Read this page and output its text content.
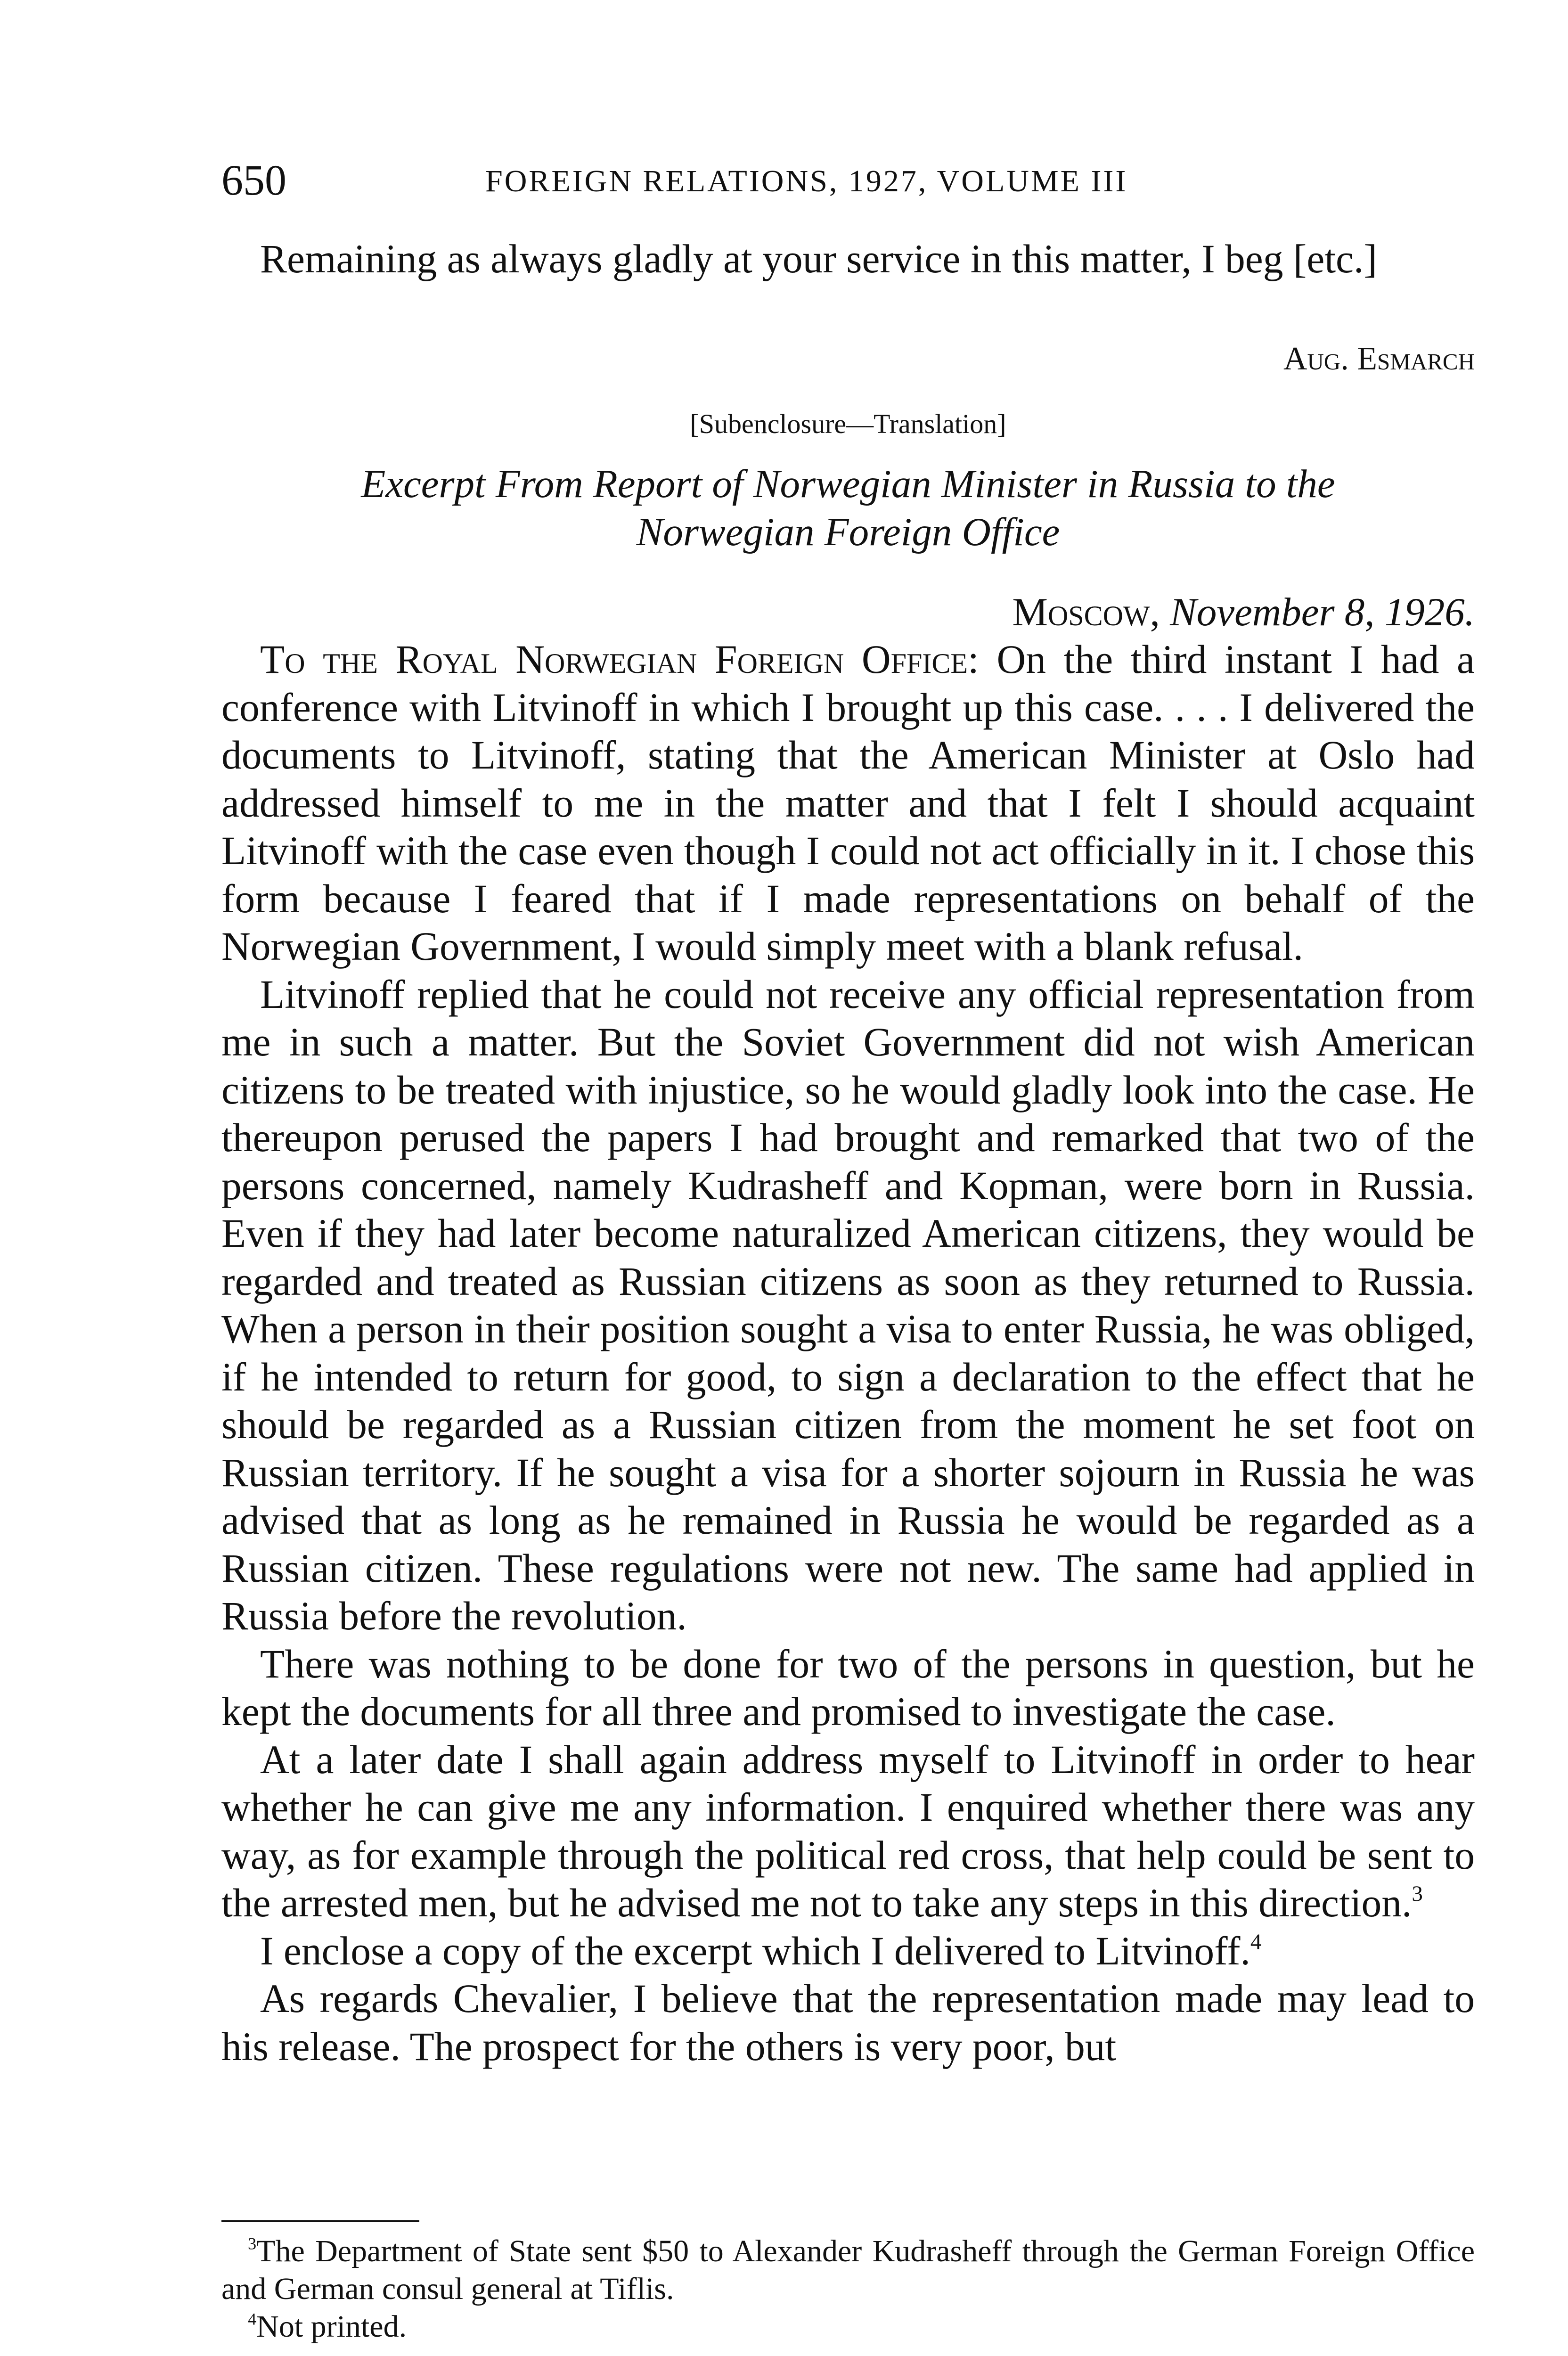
650	FOREIGN RELATIONS, 1927, VOLUME III

Remaining as always gladly at your service in this matter, I beg [etc.]

Aug. Esmarch
[Subenclosure—Translation]
Excerpt From Report of Norwegian Minister in Russia to the
Norwegian Foreign Office
Moscow, November 8, 1926.

To the Royal Norwegian Foreign Office: On the third instant I had a conference with Litvinoff in which I brought up this case. . . . I delivered the documents to Litvinoff, stating that the American Minister at Oslo had addressed himself to me in the matter and that I felt I should acquaint Litvinoff with the case even though I could not act officially in it. I chose this form because I feared that if I made representations on behalf of the Norwegian Government, I would simply meet with a blank refusal.

Litvinoff replied that he could not receive any official representation from me in such a matter. But the Soviet Government did not wish American citizens to be treated with injustice, so he would gladly look into the case. He thereupon perused the papers I had brought and remarked that two of the persons concerned, namely Kudrasheff and Kopman, were born in Russia. Even if they had later become naturalized American citizens, they would be regarded and treated as Russian citizens as soon as they returned to Russia. When a person in their position sought a visa to enter Russia, he was obliged, if he intended to return for good, to sign a declaration to the effect that he should be regarded as a Russian citizen from the moment he set foot on Russian territory. If he sought a visa for a shorter sojourn in Russia he was advised that as long as he remained in Russia he would be regarded as a Russian citizen. These regulations were not new. The same had applied in Russia before the revolution.

There was nothing to be done for two of the persons in question, but he kept the documents for all three and promised to investigate the case.

At a later date I shall again address myself to Litvinoff in order to hear whether he can give me any information. I enquired whether there was any way, as for example through the political red cross, that help could be sent to the arrested men, but he advised me not to take any steps in this direction.$^3$

I enclose a copy of the excerpt which I delivered to Litvinoff.$^4$

As regards Chevalier, I believe that the representation made may lead to his release. The prospect for the others is very poor, but

$^3$The Department of State sent $50 to Alexander Kudrasheff through the German Foreign Office and German consul general at Tiflis.

$^4$Not printed.
